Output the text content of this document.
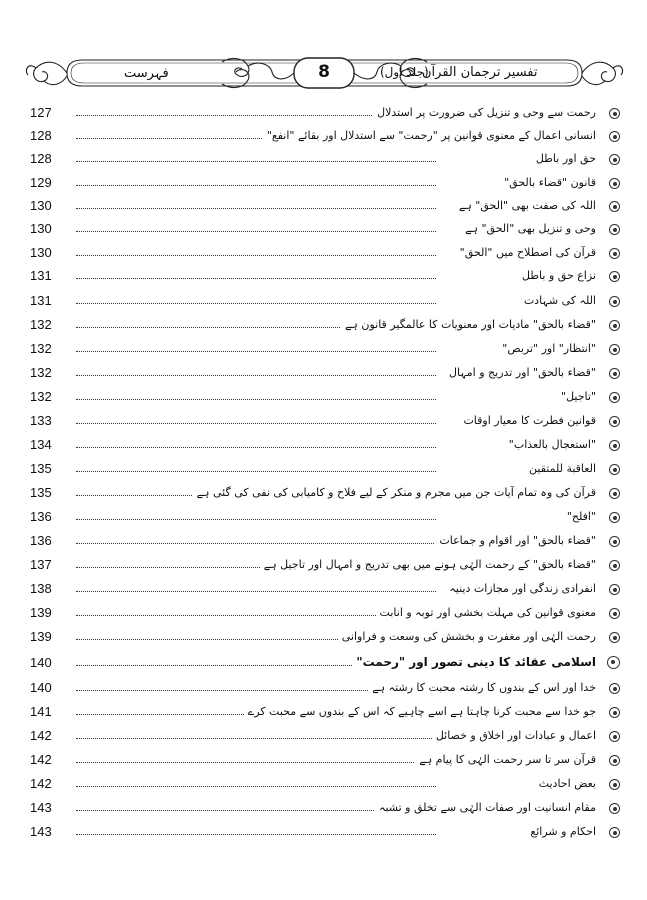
فہرست	8	(جلد اول)
تفسیر ترجمان القرآن
127	رحمت سے وحی و تنزیل کی ضرورت پر استدلال
128	انسانی اعمال کے معنوی قوانین پر "رحمت" سے استدلال اور بقائے "انفع"
128	حق اور باطل
129	قانون "قضاء بالحق"
130	اللہ کی صفت بھی "الحق" ہے
130	وحی و تنزیل بھی "الحق" ہے
130	قرآن کی اصطلاح میں "الحق"
131	نزاع حق و باطل
131	اللہ کی شہادت
132	"قضاء بالحق" مادیات اور معنویات کا عالمگیر قانون ہے
132	"انتظار" اور "تربص"
132	"قضاء بالحق" اور تدریج و امہال
132	"تاجیل"
133	قوانین فطرت کا معیار اوقات
134	"استعجال بالعذاب"
135	العاقبة للمتقین
135	قرآن کی وہ تمام آیات جن میں مجرم و منکر کے لیے فلاح و کامیابی کی نفی کی گئی ہے
136	"افلح"
136	"قضاء بالحق" اور اقوام و جماعات
137	"قضاء بالحق" کے رحمت الہٰی ہونے میں بھی تدریج و امہال اور تاجیل ہے
138	انفرادی زندگی اور مجازات دینیہ
139	معنوی قوانین کی مہلت بخشی اور توبہ و انابت
139	رحمت الہٰی اور مغفرت و بخشش کی وسعت و فراوانی
140	اسلامی عقائد کا دینی تصور اور "رحمت"
140	خدا اور اس کے بندوں کا رشتہ محبت کا رشتہ ہے
141	جو خدا سے محبت کرنا چاہتا ہے اسے چاہیے کہ اس کے بندوں سے محبت کرے
142	اعمال و عبادات اور اخلاق و خصائل
142	قرآن سر تا سر رحمت الہٰی کا پیام ہے
142	بعض احادیث
143	مقام انسانیت اور صفات الہٰی سے تخلق و تشبہ
143	احکام و شرائع
